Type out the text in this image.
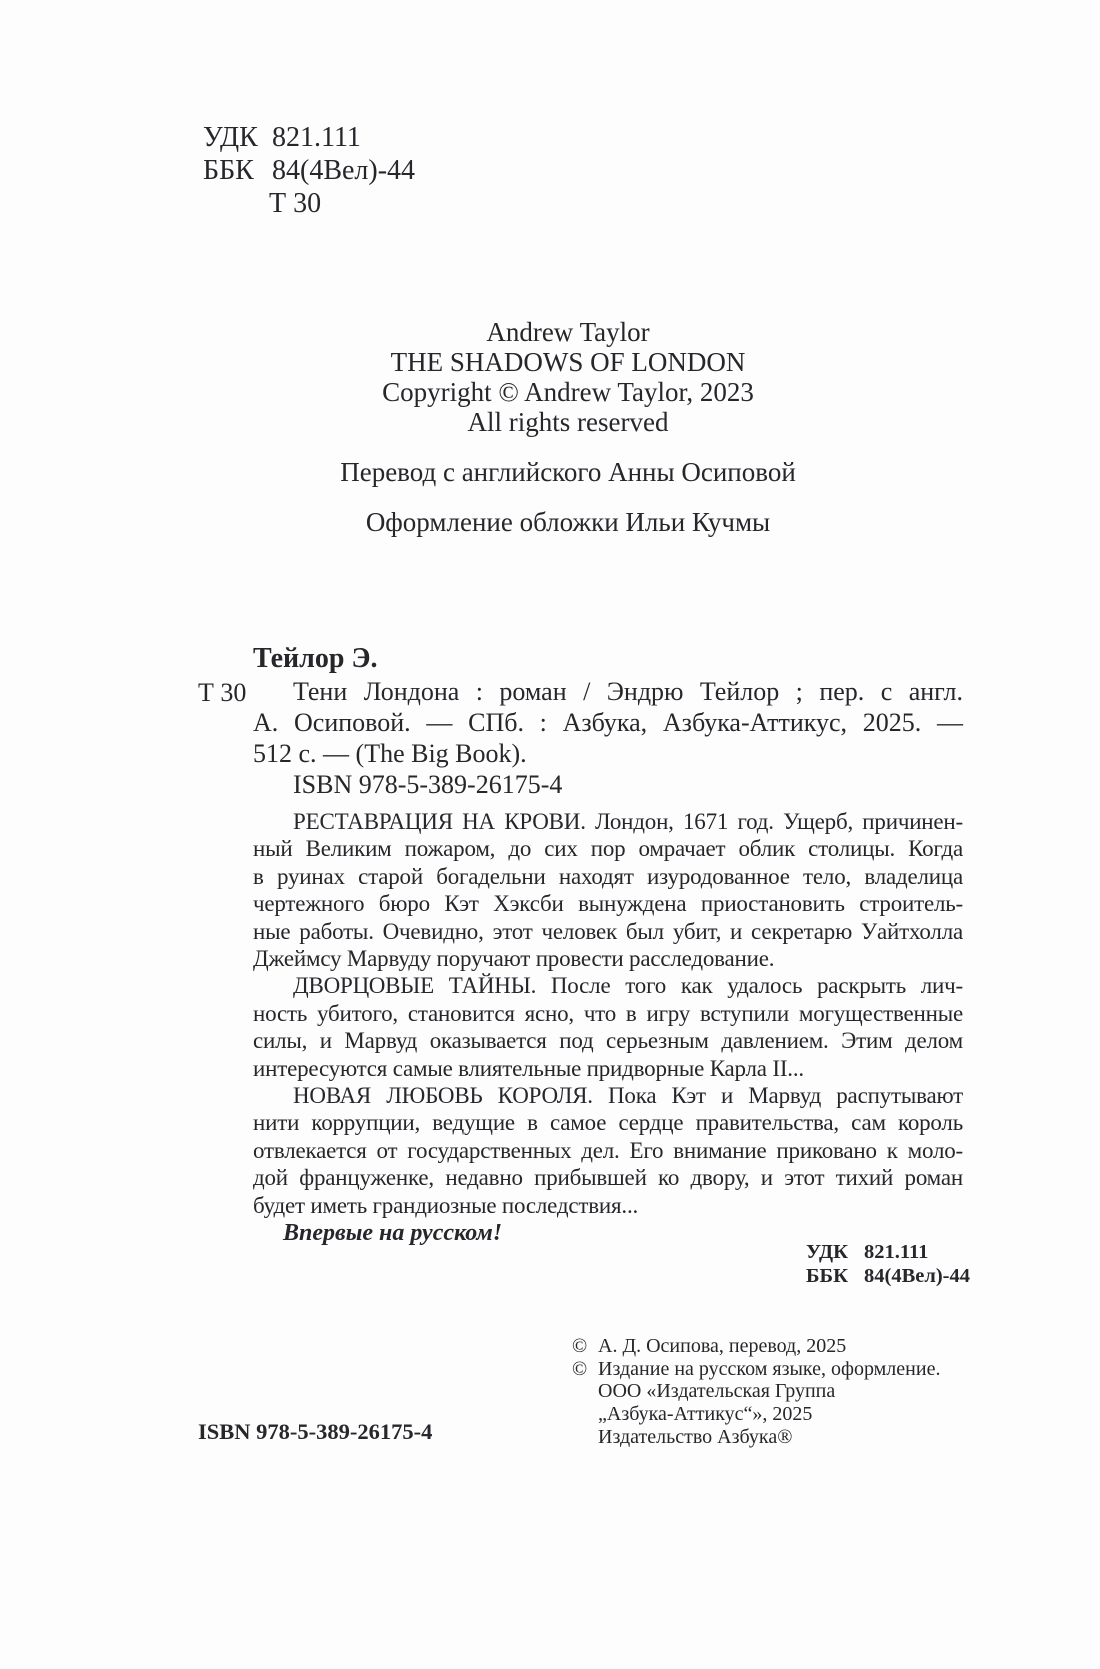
УДК 821.111
ББК 84(4Вел)-44
Т 30
Andrew Taylor
THE SHADOWS OF LONDON
Copyright © Andrew Taylor, 2023
All rights reserved
Перевод с английского Анны Осиповой
Оформление обложки Ильи Кучмы
Тейлор Э.
Т 30	Тени Лондона : роман / Эндрю Тейлор ; пер. с англ.
А. Осиповой. — СПб. : Азбука, Азбука-Аттикус, 2025. —
512 с. — (The Big Book).
ISBN 978-5-389-26175-4
РЕСТАВРАЦИЯ НА КРОВИ. Лондон, 1671 год. Ущерб, причинен-
ный Великим пожаром, до сих пор омрачает облик столицы. Когда
в руинах старой богадельни находят изуродованное тело, владелица
чертежного бюро Кэт Хэксби вынуждена приостановить строитель-
ные работы. Очевидно, этот человек был убит, и секретарю Уайтхолла
Джеймсу Марвуду поручают провести расследование.
ДВОРЦОВЫЕ ТАЙНЫ. После того как удалось раскрыть лич-
ность убитого, становится ясно, что в игру вступили могущественные
силы, и Марвуд оказывается под серьезным давлением. Этим делом
интересуются самые влиятельные придворные Карла II...
НОВАЯ ЛЮБОВЬ КОРОЛЯ. Пока Кэт и Марвуд распутывают
нити коррупции, ведущие в самое сердце правительства, сам король
отвлекается от государственных дел. Его внимание приковано к моло-
дой француженке, недавно прибывшей ко двору, и этот тихий роман
будет иметь грандиозные последствия...
Впервые на русском!
УДК 821.111
ББК 84(4Вел)-44
ISBN 978-5-389-26175-4
© А. Д. Осипова, перевод, 2025
© Издание на русском языке, оформление.
ООО «Издательская Группа
„Азбука-Аттикус“», 2025
Издательство Азбука®
